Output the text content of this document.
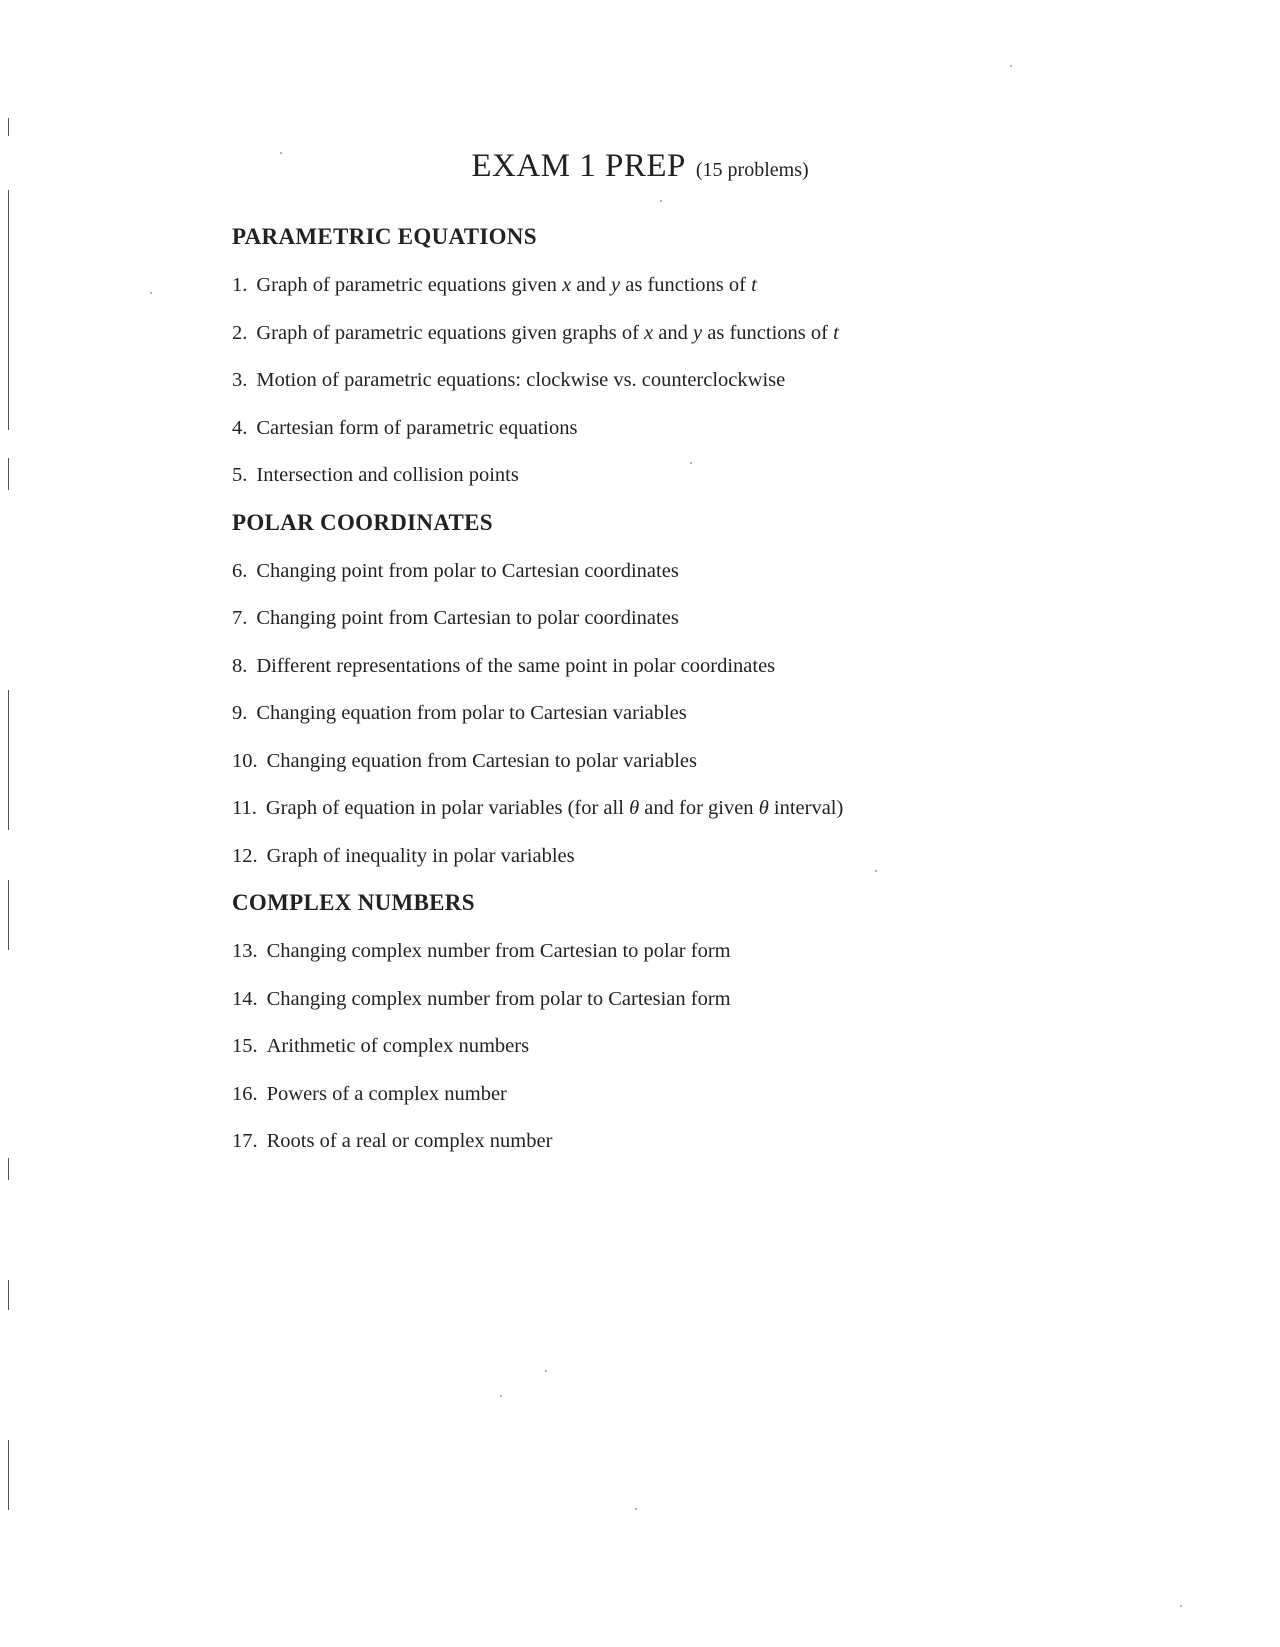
EXAM 1 PREP (15 problems)
PARAMETRIC EQUATIONS
1. Graph of parametric equations given x and y as functions of t
2. Graph of parametric equations given graphs of x and y as functions of t
3. Motion of parametric equations: clockwise vs. counterclockwise
4. Cartesian form of parametric equations
5. Intersection and collision points
POLAR COORDINATES
6. Changing point from polar to Cartesian coordinates
7. Changing point from Cartesian to polar coordinates
8. Different representations of the same point in polar coordinates
9. Changing equation from polar to Cartesian variables
10. Changing equation from Cartesian to polar variables
11. Graph of equation in polar variables (for all θ and for given θ interval)
12. Graph of inequality in polar variables
COMPLEX NUMBERS
13. Changing complex number from Cartesian to polar form
14. Changing complex number from polar to Cartesian form
15. Arithmetic of complex numbers
16. Powers of a complex number
17. Roots of a real or complex number
